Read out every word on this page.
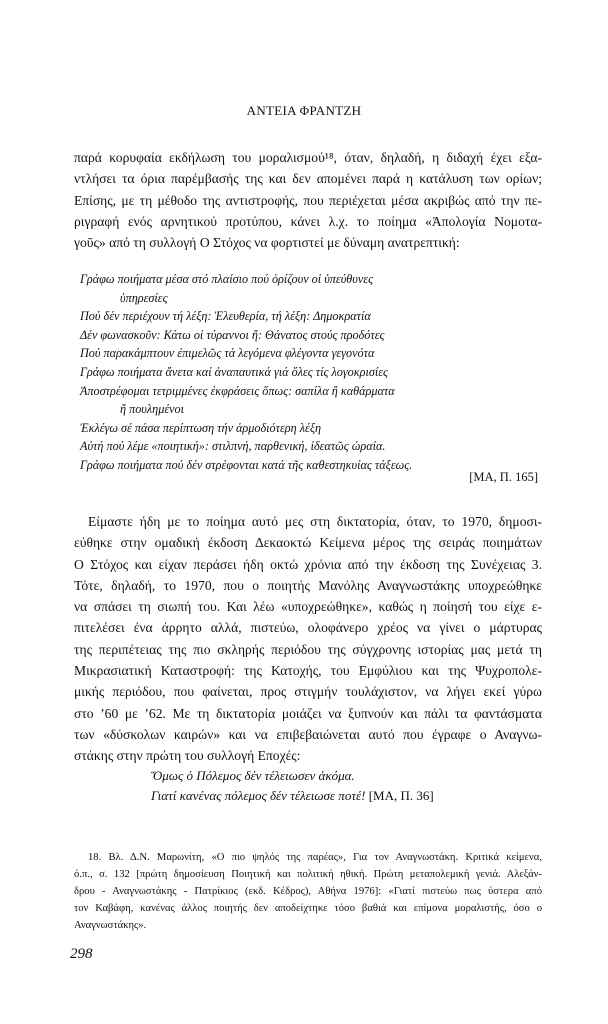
ΑΝΤΕΙΑ ΦΡΑΝΤΖΗ
παρά κορυφαία εκδήλωση του μοραλισμού¹⁸, όταν, δηλαδή, η διδαχή έχει εξα-
ντλήσει τα όρια παρέμβασής της και δεν απομένει παρά η κατάλυση των ορίων;
Επίσης, με τη μέθοδο της αντιστροφής, που περιέχεται μέσα ακριβώς από την πε-
ριγραφή ενός αρνητικού προτύπου, κάνει λ.χ. το ποίημα «Ἀπολογία Νομοτα-
γοῦς» από τη συλλογή Ο Στόχος να φορτιστεί με δύναμη ανατρεπτική:
Γράφω ποιήματα μέσα στό πλαίσιο πού ὁρίζουν οἱ ὑπεύθυνες
ὑπηρεσίες
Πού δέν περιέχουν τή λέξη: Ἐλευθερία, τή λέξη: Δημοκρατία
Δέν φωνασκοῦν: Κάτω οἱ τύραννοι ἤ: Θάνατος στούς προδότες
Πού παρακάμπτουν ἐπιμελῶς τά λεγόμενα φλέγοντα γεγονότα
Γράφω ποιήματα ἄνετα καί ἀναπαυτικά γιά ὅλες τίς λογοκρισίες
Ἀποστρέφομαι τετριμμένες ἐκφράσεις ὅπως: σαπίλα ἤ καθάρματα
ἤ πουλημένοι
Ἐκλέγω σέ πάσα περίπτωση τήν ἁρμοδιότερη λέξη
Αὐτή πού λέμε «ποιητική»: στιλπνή, παρθενική, ἰδεατῶς ὡραία.
Γράφω ποιήματα πού δέν στρέφονται κατά τῆς καθεστηκυίας τάξεως.
[ΜΑ, Π. 165]
Είμαστε ήδη με το ποίημα αυτό μες στη δικτατορία, όταν, το 1970, δημοσι-
εύθηκε στην ομαδική έκδοση Δεκαοκτώ Κείμενα μέρος της σειράς ποιημάτων
Ο Στόχος και είχαν περάσει ήδη οκτώ χρόνια από την έκδοση της Συνέχειας 3.
Τότε, δηλαδή, το 1970, που ο ποιητής Μανόλης Αναγνωστάκης υποχρεώθηκε
να σπάσει τη σιωπή του. Και λέω «υποχρεώθηκε», καθώς η ποίησή του είχε ε-
πιτελέσει ένα άρρητο αλλά, πιστεύω, ολοφάνερο χρέος να γίνει ο μάρτυρας
της περιπέτειας της πιο σκληρής περιόδου της σύγχρονης ιστορίας μας μετά τη
Μικρασιατική Καταστροφή: της Κατοχής, του Εμφύλιου και της Ψυχροπολε-
μικής περιόδου, που φαίνεται, προς στιγμήν τουλάχιστον, να λήγει εκεί γύρω
στο ’60 με ’62. Με τη δικτατορία μοιάζει να ξυπνούν και πάλι τα φαντάσματα
των «δύσκολων καιρών» και να επιβεβαιώνεται αυτό που έγραφε ο Αναγνω-
στάκης στην πρώτη του συλλογή Εποχές:
Ὅμως ὁ Πόλεμος δέν τέλειωσεν ἀκόμα.
Γιατί κανένας πόλεμος δέν τέλειωσε ποτέ! [ΜΑ, Π. 36]
18. Βλ. Δ.Ν. Μαρωνίτη, «Ο πιο ψηλός της παρέας», Για τον Αναγνωστάκη. Κριτικά κείμενα,
ό.π., σ. 132 [πρώτη δημοσίευση Ποιητική και πολιτική ηθική. Πρώτη μεταπολεμική γενιά. Αλεξάν-
δρου - Αναγνωστάκης - Πατρίκιος (εκδ. Κέδρος), Αθήνα 1976]: «Γιατί πιστεύω πως ύστερα από
τον Καβάφη, κανένας άλλος ποιητής δεν αποδείχτηκε τόσο βαθιά και επίμονα μοραλιστής, όσο ο
Αναγνωστάκης».
298
